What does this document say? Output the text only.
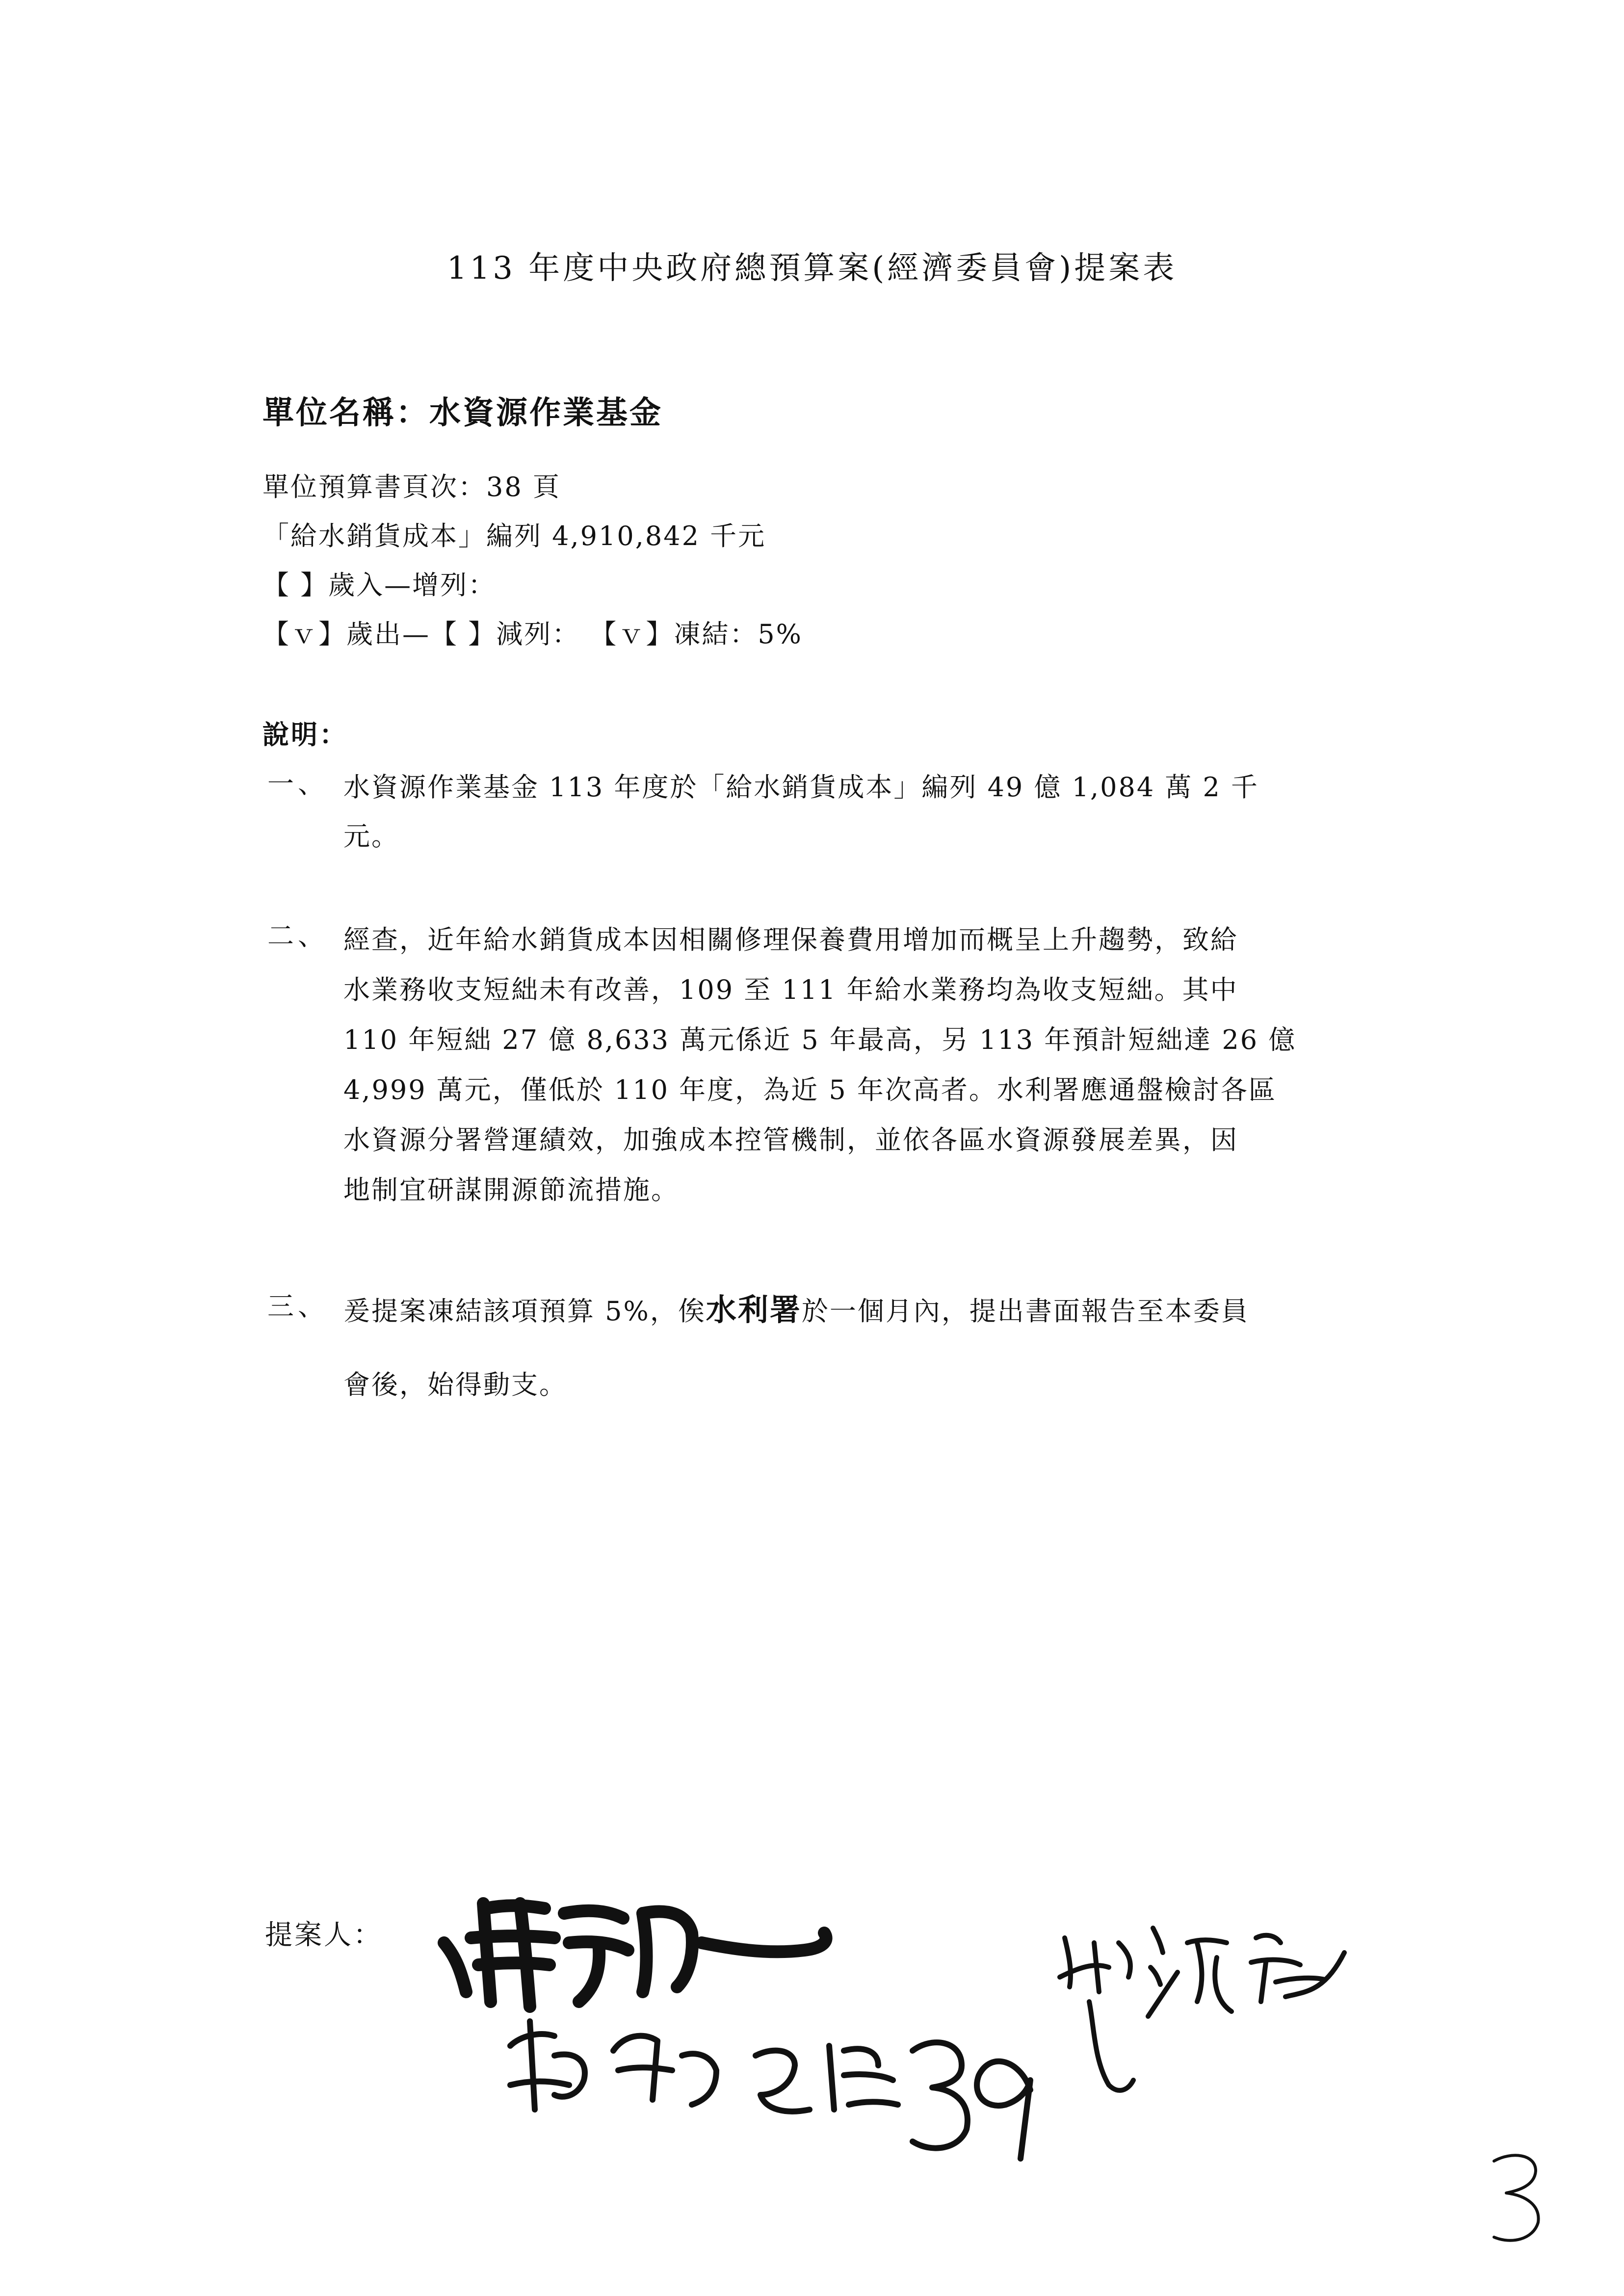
113 年度中央政府總預算案(經濟委員會)提案表
單位名稱：水資源作業基金
單位預算書頁次：38 頁
「給水銷貨成本」編列 4,910,842 千元
【 】歲入—增列：
【ｖ】歲出—【 】減列： 【ｖ】凍結：5%
說明：
一、 水資源作業基金 113 年度於「給水銷貨成本」編列 49 億 1,084 萬 2 千
元。
二、 經查，近年給水銷貨成本因相關修理保養費用增加而概呈上升趨勢，致給
水業務收支短絀未有改善，109 至 111 年給水業務均為收支短絀。其中
110 年短絀 27 億 8,633 萬元係近 5 年最高，另 113 年預計短絀達 26 億
4,999 萬元，僅低於 110 年度，為近 5 年次高者。水利署應通盤檢討各區
水資源分署營運績效，加強成本控管機制，並依各區水資源發展差異，因
地制宜研謀開源節流措施。
三、 爰提案凍結該項預算 5%，俟水利署於一個月內，提出書面報告至本委員
會後，始得動支。
提案人：
